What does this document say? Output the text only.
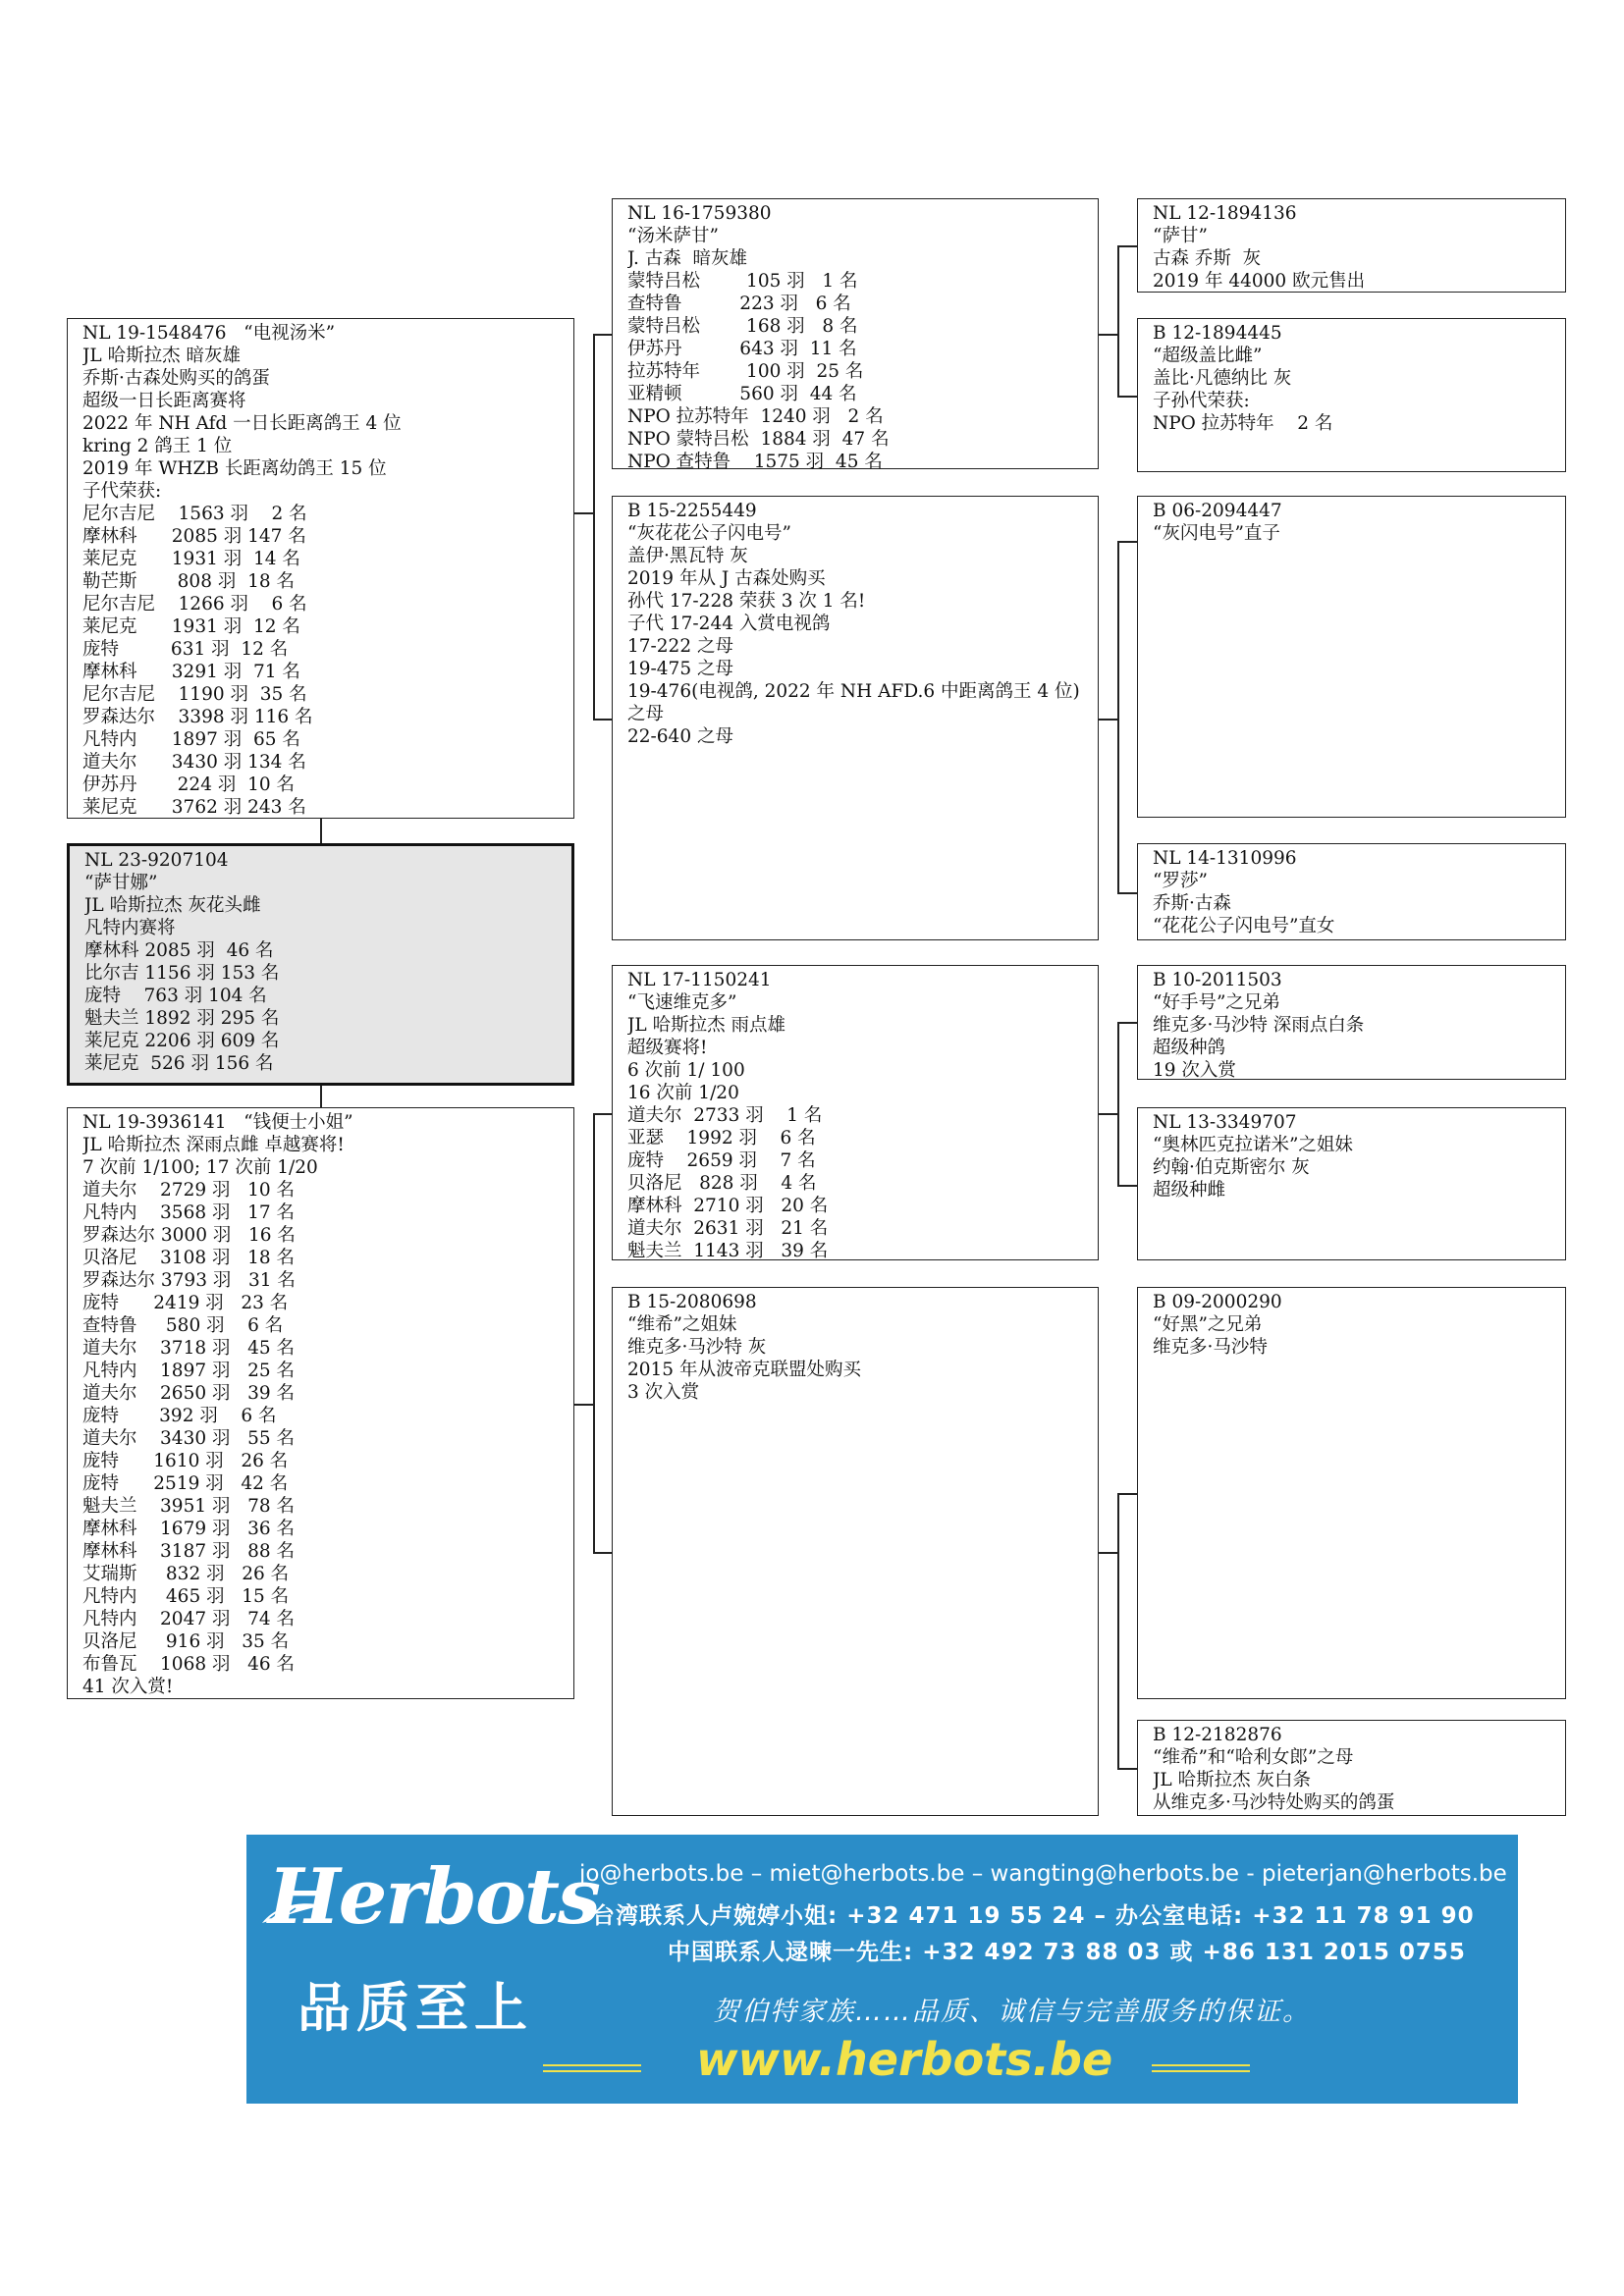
NL 19-1548476   “电视汤米”
JL 哈斯拉杰 暗灰雄
乔斯·古森处购买的鸽蛋
超级一日长距离赛将
2022 年 NH Afd 一日长距离鸽王 4 位
kring 2 鸽王 1 位
2019 年 WHZB 长距离幼鸽王 15 位
子代荣获:
尼尔吉尼    1563 羽    2 名
摩林科      2085 羽 147 名
莱尼克      1931 羽  14 名
勒芒斯       808 羽  18 名
尼尔吉尼    1266 羽    6 名
莱尼克      1931 羽  12 名
庞特         631 羽  12 名
摩林科      3291 羽  71 名
尼尔吉尼    1190 羽  35 名
罗森达尔    3398 羽 116 名
凡特内      1897 羽  65 名
道夫尔      3430 羽 134 名
伊苏丹       224 羽  10 名
莱尼克      3762 羽 243 名
NL 23-9207104
“萨甘娜”
JL 哈斯拉杰 灰花头雌
凡特内赛将
摩林科 2085 羽  46 名
比尔吉 1156 羽 153 名
庞特    763 羽 104 名
魁夫兰 1892 羽 295 名
莱尼克 2206 羽 609 名
莱尼克  526 羽 156 名
NL 19-3936141   “钱便士小姐”
JL 哈斯拉杰 深雨点雌 卓越赛将!
7 次前 1/100; 17 次前 1/20
道夫尔    2729 羽   10 名
凡特内    3568 羽   17 名
罗森达尔 3000 羽   16 名
贝洛尼    3108 羽   18 名
罗森达尔 3793 羽   31 名
庞特      2419 羽   23 名
查特鲁     580 羽    6 名
道夫尔    3718 羽   45 名
凡特内    1897 羽   25 名
道夫尔    2650 羽   39 名
庞特       392 羽    6 名
道夫尔    3430 羽   55 名
庞特      1610 羽   26 名
庞特      2519 羽   42 名
魁夫兰    3951 羽   78 名
摩林科    1679 羽   36 名
摩林科    3187 羽   88 名
艾瑞斯     832 羽   26 名
凡特内     465 羽   15 名
凡特内    2047 羽   74 名
贝洛尼     916 羽   35 名
布鲁瓦    1068 羽   46 名
41 次入赏!
NL 16-1759380
“汤米萨甘”
J. 古森  暗灰雄
蒙特吕松        105 羽   1 名
查特鲁          223 羽   6 名
蒙特吕松        168 羽   8 名
伊苏丹          643 羽  11 名
拉苏特年        100 羽  25 名
亚精顿          560 羽  44 名
NPO 拉苏特年  1240 羽   2 名
NPO 蒙特吕松  1884 羽  47 名
NPO 查特鲁    1575 羽  45 名
B 15-2255449
“灰花花公子闪电号”
盖伊·黑瓦特 灰
2019 年从 J 古森处购买
孙代 17-228 荣获 3 次 1 名!
子代 17-244 入赏电视鸽
17-222 之母
19-475 之母
19-476(电视鸽, 2022 年 NH AFD.6 中距离鸽王 4 位)
之母
22-640 之母
NL 17-1150241
“飞速维克多”
JL 哈斯拉杰 雨点雄
超级赛将!
6 次前 1/ 100
16 次前 1/20
道夫尔  2733 羽    1 名
亚瑟    1992 羽    6 名
庞特    2659 羽    7 名
贝洛尼   828 羽    4 名
摩林科  2710 羽   20 名
道夫尔  2631 羽   21 名
魁夫兰  1143 羽   39 名
B 15-2080698
“维希”之姐妹
维克多·马沙特 灰
2015 年从波帝克联盟处购买
3 次入赏
NL 12-1894136
“萨甘”
古森 乔斯  灰
2019 年 44000 欧元售出
B 12-1894445
“超级盖比雌”
盖比·凡德纳比 灰
子孙代荣获:
NPO 拉苏特年    2 名
B 06-2094447
“灰闪电号”直子
NL 14-1310996
“罗莎”
乔斯·古森
“花花公子闪电号”直女
B 10-2011503
“好手号”之兄弟
维克多·马沙特 深雨点白条
超级种鸽
19 次入赏
NL 13-3349707
“奥林匹克拉诺米”之姐妹
约翰·伯克斯密尔 灰
超级种雌
B 09-2000290
“好黑”之兄弟
维克多·马沙特
B 12-2182876
“维希”和“哈利女郎”之母
JL 哈斯拉杰 灰白条
从维克多·马沙特处购买的鸽蛋
Herbots
品质至上
jo@herbots.be – miet@herbots.be – wangting@herbots.be - pieterjan@herbots.be
台湾联系人卢婉婷小姐: +32 471 19 55 24 – 办公室电话: +32 11 78 91 90
中国联系人逯暕一先生: +32 492 73 88 03 或 +86 131 2015 0755
贺伯特家族……品质、诚信与完善服务的保证。
www.herbots.be
